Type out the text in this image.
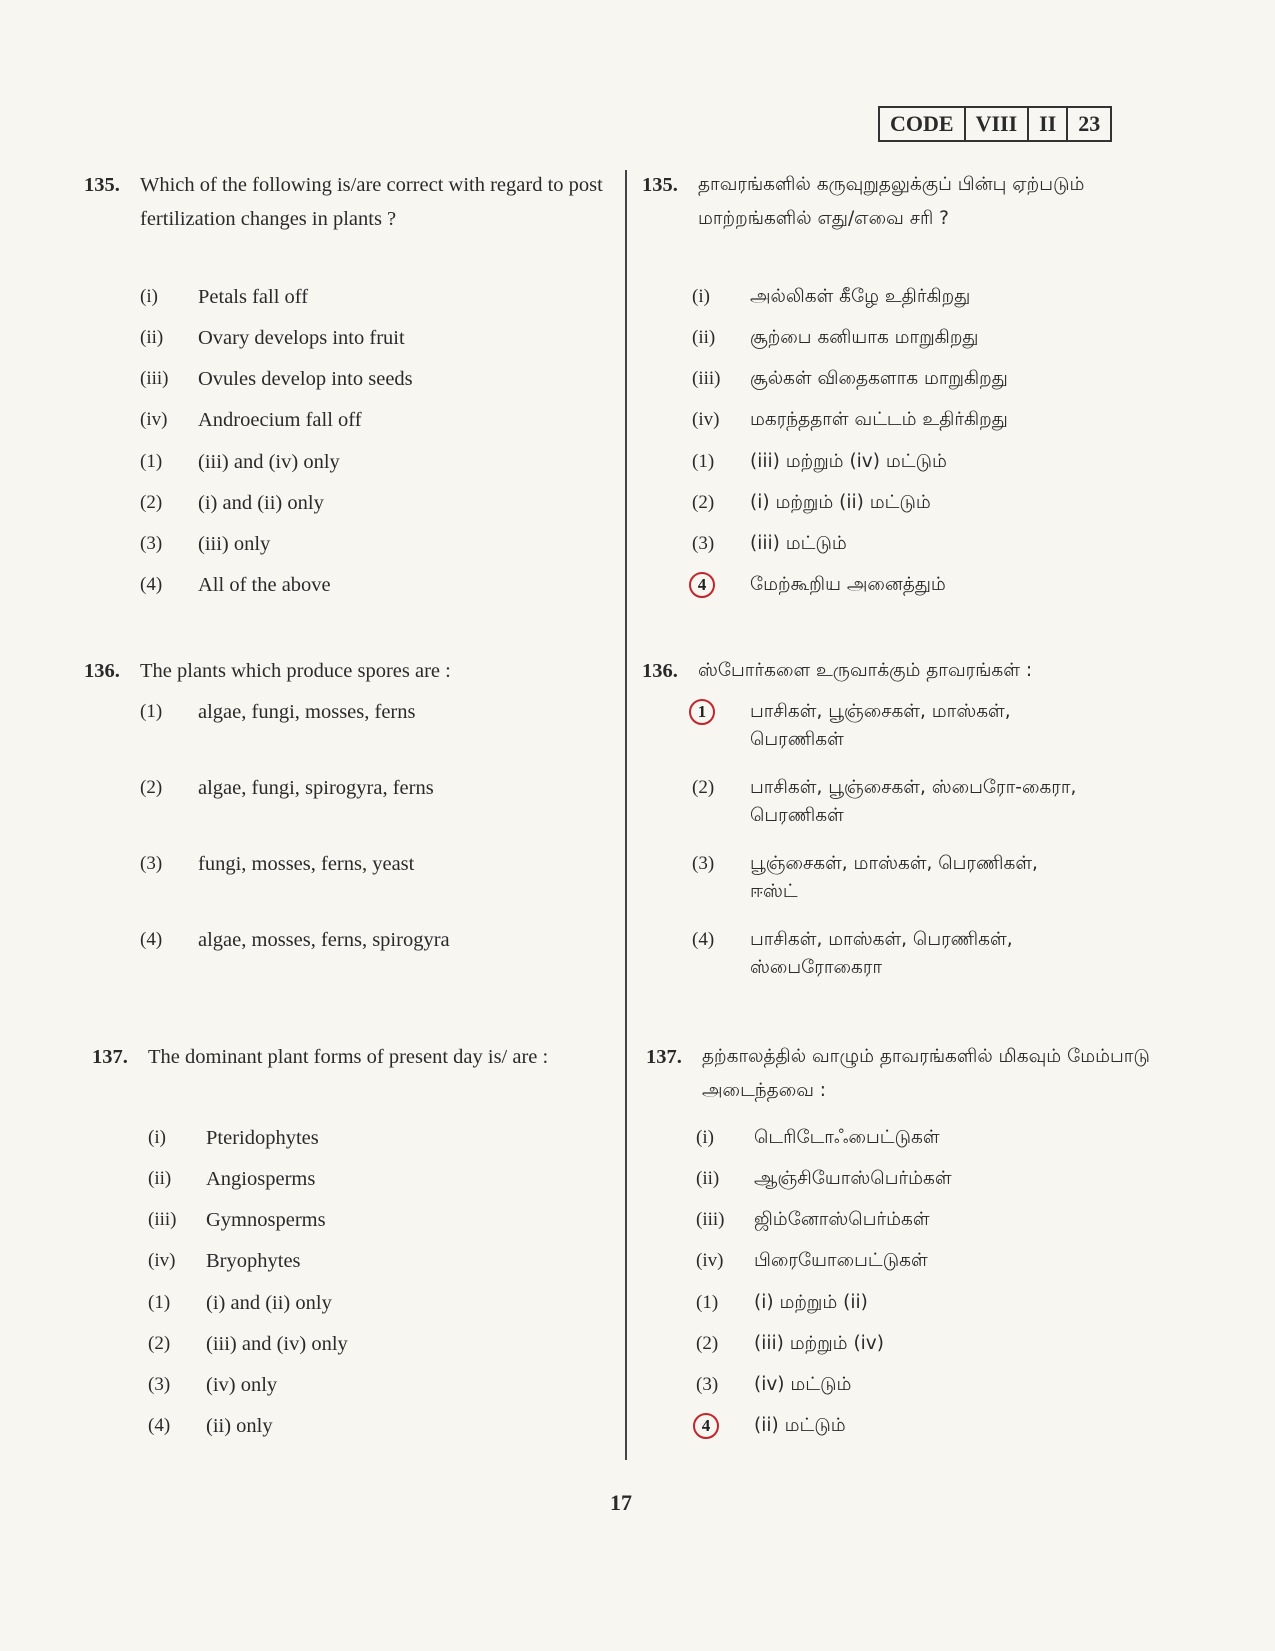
CODE	VIII	II	23
135. Which of the following is/are correct with regard to post fertilization changes in plants ?
(i)	Petals fall off
(ii)	Ovary develops into fruit
(iii)	Ovules develop into seeds
(iv)	Androecium fall off
(1)	(iii) and (iv) only
(2)	(i) and (ii) only
(3)	(iii) only
(4)	All of the above
136. The plants which produce spores are :
(1)	algae, fungi, mosses, ferns
(2)	algae, fungi, spirogyra, ferns
(3)	fungi, mosses, ferns, yeast
(4)	algae, mosses, ferns, spirogyra
137. The dominant plant forms of present day is/ are :
(i)	Pteridophytes
(ii)	Angiosperms
(iii)	Gymnosperms
(iv)	Bryophytes
(1)	(i) and (ii) only
(2)	(iii) and (iv) only
(3)	(iv) only
(4)	(ii) only
135.	தாவரங்களில் கருவுறுதலுக்குப் பின்பு ஏற்படும் மாற்றங்களில் எது/எவை சரி ?
(i)	அல்லிகள் கீழே உதிர்கிறது
(ii)	சூற்பை கனியாக மாறுகிறது
(iii)	சூல்கள் விதைகளாக மாறுகிறது
(iv)	மகரந்ததாள் வட்டம் உதிர்கிறது
(1)	(iii) மற்றும் (iv) மட்டும்
(2)	(i) மற்றும் (ii) மட்டும்
(3)	(iii) மட்டும்
4	மேற்கூறிய அனைத்தும்
136.	ஸ்போர்களை உருவாக்கும் தாவரங்கள் :
1	பாசிகள், பூஞ்சைகள், மாஸ்கள், பெரணிகள்
(2)	பாசிகள், பூஞ்சைகள், ஸ்பைரோ-கைரா, பெரணிகள்
(3)	பூஞ்சைகள், மாஸ்கள், பெரணிகள், ஈஸ்ட்
(4)	பாசிகள், மாஸ்கள், பெரணிகள், ஸ்பைரோகைரா
137.	தற்காலத்தில் வாழும் தாவரங்களில் மிகவும் மேம்பாடு அடைந்தவை :
(i)	டெரிடோஃபைட்டுகள்
(ii)	ஆஞ்சியோஸ்பெர்ம்கள்
(iii)	ஜிம்னோஸ்பெர்ம்கள்
(iv)	பிரையோபைட்டுகள்
(1)	(i) மற்றும் (ii)
(2)	(iii) மற்றும் (iv)
(3)	(iv) மட்டும்
4	(ii) மட்டும்
17
